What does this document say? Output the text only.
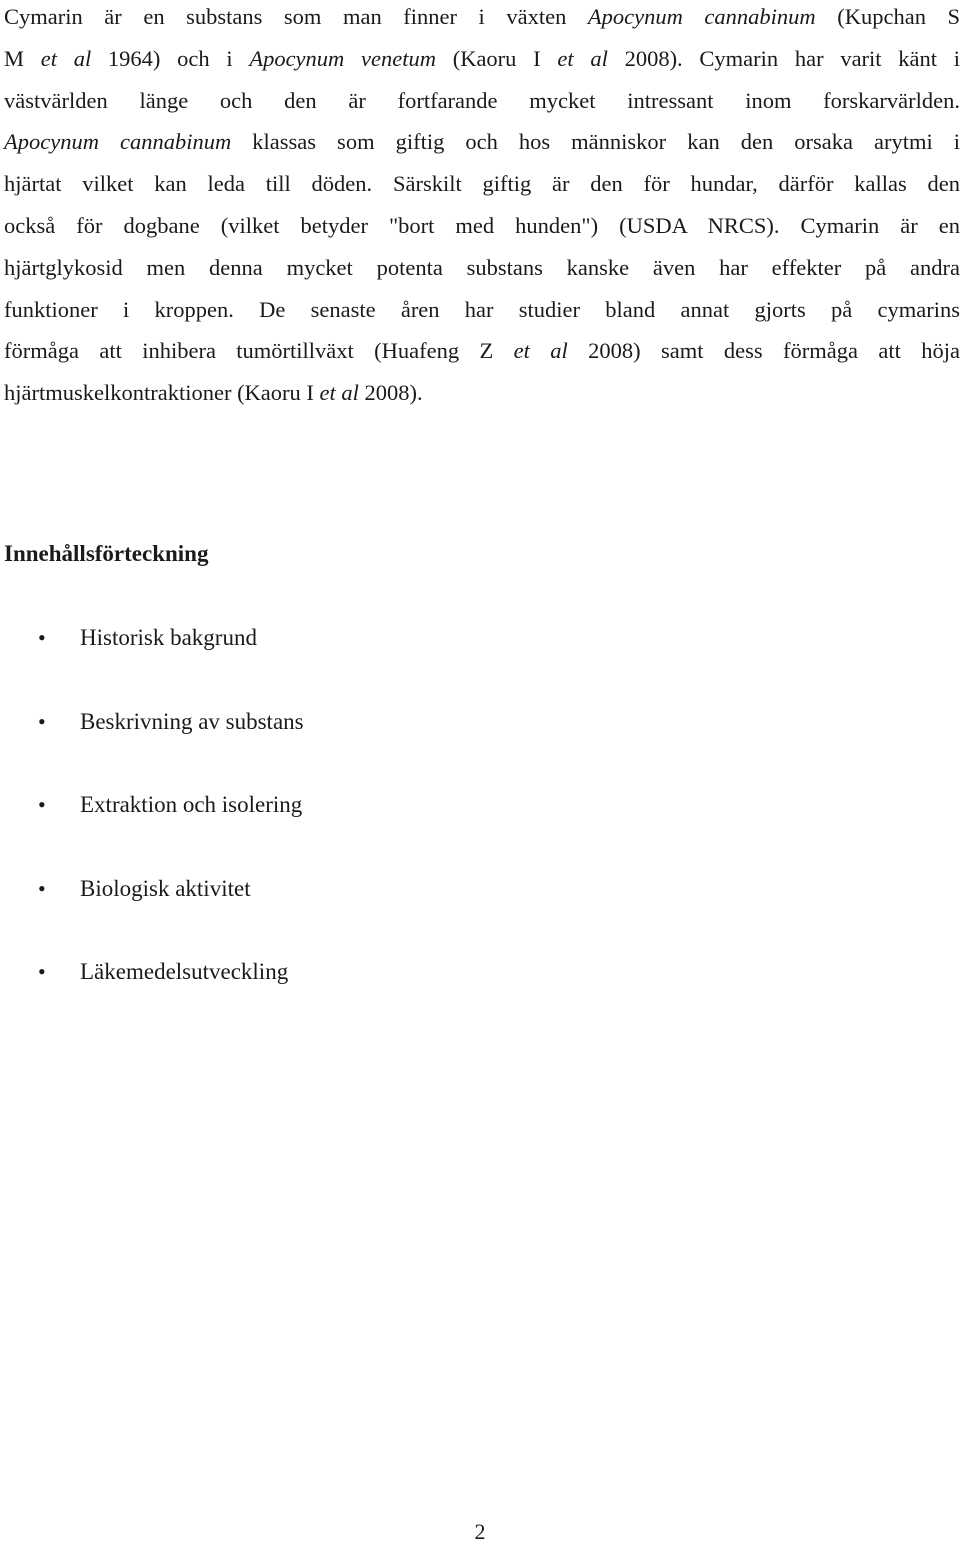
Cymarin är en substans som man finner i växten Apocynum cannabinum (Kupchan S
M et al 1964) och i Apocynum venetum (Kaoru I et al 2008). Cymarin har varit känt i
västvärlden länge och den är fortfarande mycket intressant inom forskarvärlden.
Apocynum cannabinum klassas som giftig och hos människor kan den orsaka arytmi i
hjärtat vilket kan leda till döden. Särskilt giftig är den för hundar, därför kallas den
också för dogbane (vilket betyder "bort med hunden") (USDA NRCS). Cymarin är en
hjärtglykosid men denna mycket potenta substans kanske även har effekter på andra
funktioner i kroppen. De senaste åren har studier bland annat gjorts på cymarins
förmåga att inhibera tumörtillväxt (Huafeng Z et al 2008) samt dess förmåga att höja
hjärtmuskelkontraktioner (Kaoru I et al 2008).
Innehållsförteckning
• Historisk bakgrund
• Beskrivning av substans
• Extraktion och isolering
• Biologisk aktivitet
• Läkemedelsutveckling
2
